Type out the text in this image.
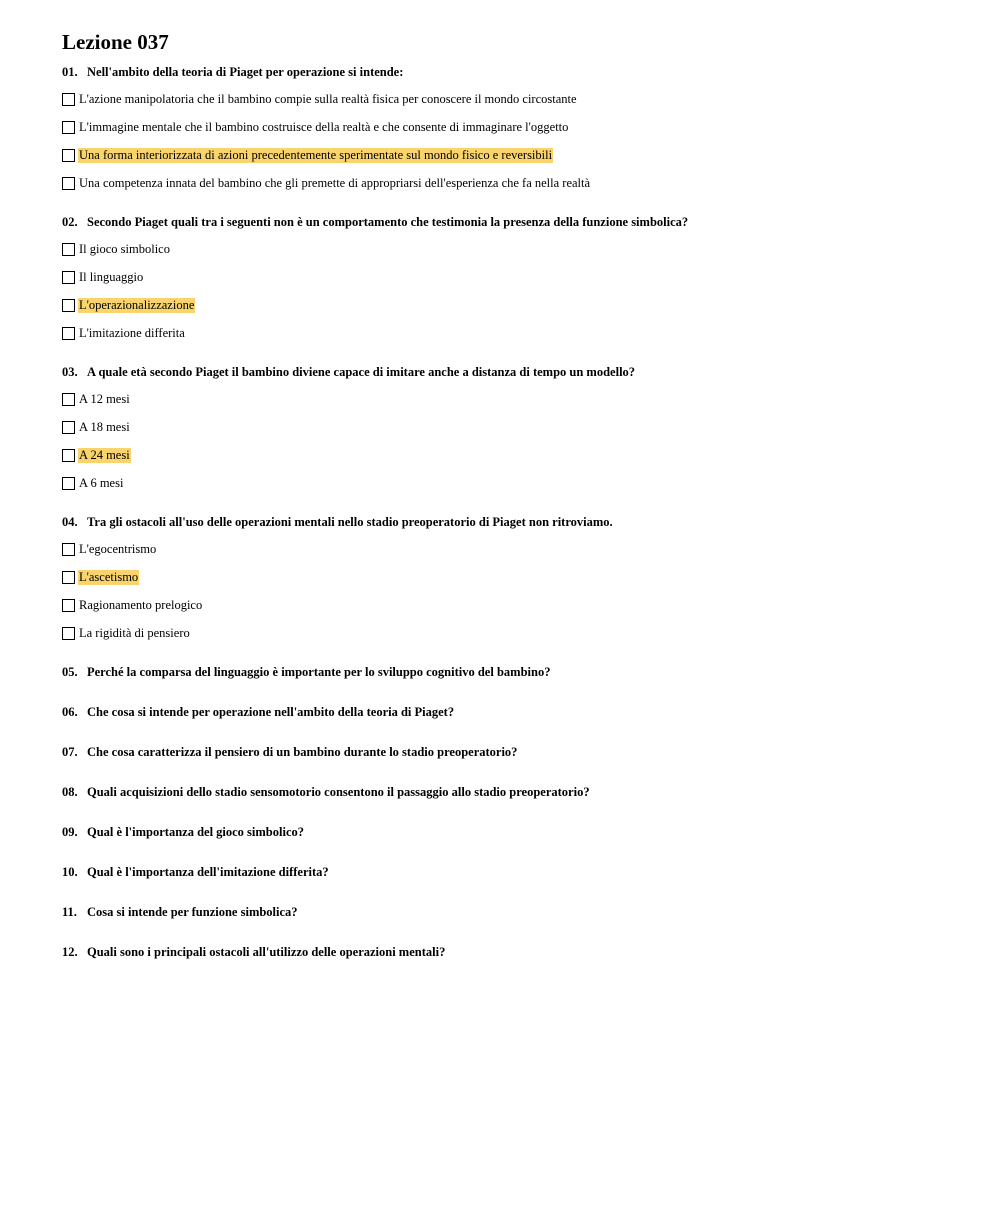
Lezione 037

01. Nell'ambito della teoria di Piaget per operazione si intende:

L'azione manipolatoria che il bambino compie sulla realtà fisica per conoscere il mondo circostante
L'immagine mentale che il bambino costruisce della realtà e che consente di immaginare l'oggetto
Una forma interiorizzata di azioni precedentemente sperimentate sul mondo fisico e reversibili
Una competenza innata del bambino che gli premette di appropriarsi dell'esperienza che fa nella realtà

02. Secondo Piaget quali tra i seguenti non è un comportamento che testimonia la presenza della funzione simbolica?

Il gioco simbolico
Il linguaggio
L'operazionalizzazione
L'imitazione differita

03. A quale età secondo Piaget il bambino diviene capace di imitare anche a distanza di tempo un modello?

A 12 mesi
A 18 mesi
A 24 mesi
A 6 mesi

04. Tra gli ostacoli all'uso delle operazioni mentali nello stadio preoperatorio di Piaget non ritroviamo.

L'egocentrismo
L'ascetismo
Ragionamento prelogico
La rigidità di pensiero

05. Perché la comparsa del linguaggio è importante per lo sviluppo cognitivo del bambino?

06. Che cosa si intende per operazione nell'ambito della teoria di Piaget?

07. Che cosa caratterizza il pensiero di un bambino durante lo stadio preoperatorio?

08. Quali acquisizioni dello stadio sensomotorio consentono il passaggio allo stadio preoperatorio?

09. Qual è l'importanza del gioco simbolico?

10. Qual è l'importanza dell'imitazione differita?

11. Cosa si intende per funzione simbolica?

12. Quali sono i principali ostacoli all'utilizzo delle operazioni mentali?
